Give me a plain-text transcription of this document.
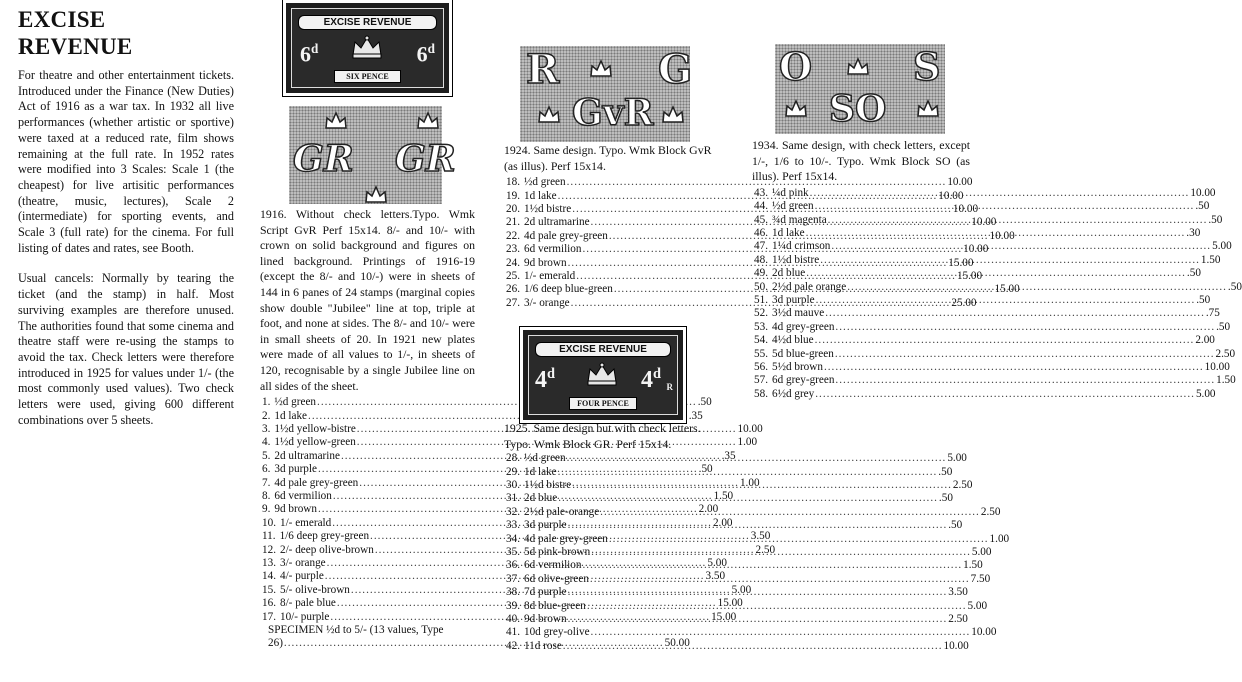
EXCISE
REVENUE

For theatre and other entertainment tickets. Introduced under the Finance (New Duties) Act of 1916 as a war tax. In 1932 all live performances (whether artistic or sportive) were taxed at a reduced rate, film shows remaining at the full rate. In 1952 rates were modified into 3 Scales: Scale 1 (the cheapest) for live artisitic performances (theatre, music, lectures), Scale 2 (intermediate) for sporting events, and Scale 3 (full rate) for the cinema. For full listing of dates and rates, see Booth.

Usual cancels: Normally by tearing the ticket (and the stamp) in half. Most surviving examples are therefore unused. The authorities found that some cinema and theatre staff were re-using the stamps to avoid the tax. Check letters were therefore introduced in 1925 for values under 1/- (the most commonly used values). Two check letters were used, giving 600 different combinations over 5 sheets.

EXCISE REVENUE
6$^d$	6$^d$
SIX PENCE
GR GR

1916. Without check letters.Typo. Wmk Script GvR Perf 15x14. 8/- and 10/- with crown on solid background and figures on lined background. Printings of 1916-19 (except the 8/- and 10/-) were in sheets of 144 in 6 panes of 24 stamps (marginal copies show double "Jubilee" line at top, triple at foot, and none at sides. The 8/- and 10/- were in small sheets of 20. In 1921 new plates were made of all values to 1/-, in sheets of 120, recognisable by a single Jubilee line on all sides of the sheet.

1. ½d green .....	.50
2. 1d lake .....	.35
3. 1½d yellow-bistre .....	10.00
4. 1½d yellow-green .....	1.00
5. 2d ultramarine .....	.35
6. 3d purple .....	.50
7. 4d pale grey-green .....	1.00
8. 6d vermilion .....	1.50
9. 9d brown .....	2.00
10. 1/- emerald .....	2.00
11. 1/6 deep grey-green .....	3.50
12. 2/- deep olive-brown .....	2.50
13. 3/- orange .....	5.00
14. 4/- purple .....	3.50
15. 5/- olive-brown .....	5.00
16. 8/- pale blue .....	15.00
17. 10/- purple .....	15.00
SPECIMEN ½d to 5/- (13 values, Type
26) .....	50.00
R G
GvR

1924. Same design. Typo. Wmk Block GvR (as illus). Perf 15x14.

18. ½d green .....	10.00
19. 1d lake .....	10.00
20. 1½d bistre .....	10.00
21. 2d ultramarine .....	10.00
22. 4d pale grey-green .....	10.00
23. 6d vermilion .....	10.00
24. 9d brown .....	15.00
25. 1/- emerald .....	15.00
26. 1/6 deep blue-green .....	15.00
27. 3/- orange .....	25.00
EXCISE REVENUE
4$^d$	4$^d$
R
FOUR PENCE

1925. Same design but with check letters. Typo. Wmk Block GR. Perf 15x14.

28. ½d green .....	5.00
29. 1d lake .....	.50
30. 1½d bistre .....	2.50
31. 2d blue .....	.50
32. 2½d pale-orange .....	2.50
33. 3d purple .....	.50
34. 4d pale grey-green .....	1.00
35. 5d pink-brown .....	5.00
36. 6d vermilion .....	1.50
37. 6d olive-green .....	7.50
38. 7d purple .....	3.50
39. 8d blue-green .....	5.00
40. 9d brown .....	2.50
41. 10d grey-olive .....	10.00
42. 11d rose .....	10.00
O	S
SO

1934. Same design, with check letters, except 1/-, 1/6 to 10/-. Typo. Wmk Block SO (as illus). Perf 15x14.

43. ¼d pink .....	10.00
44. ½d green .....	.50
45. ¾d magenta .....	.50
46. 1d lake .....	.30
47. 1¼d crimson .....	5.00
48. 1½d bistre .....	1.50
49. 2d blue .....	.50
50. 2½d pale orange .....	.50
51. 3d purple .....	.50
52. 3½d mauve .....	.75
53. 4d grey-green .....	.50
54. 4½d blue .....	2.00
55. 5d blue-green .....	2.50
56. 5½d brown .....	10.00
57. 6d grey-green .....	1.50
58. 6½d grey .....	5.00
